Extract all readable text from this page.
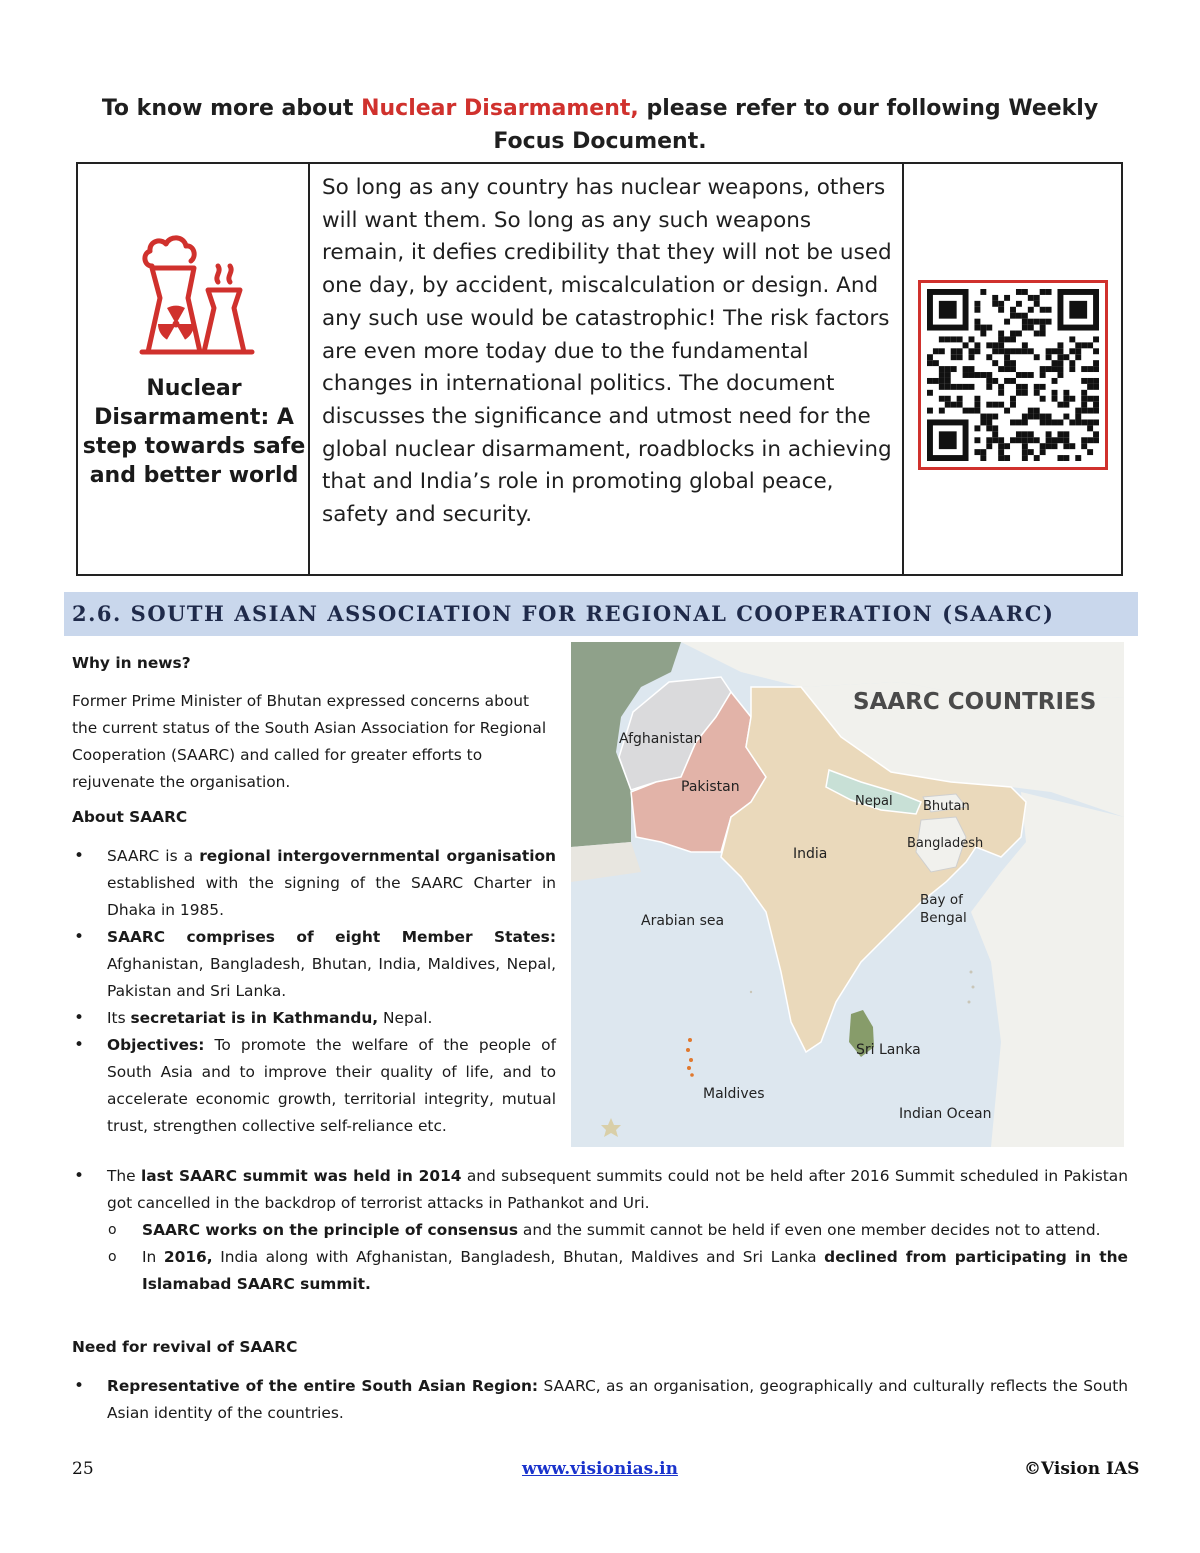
To know more about Nuclear Disarmament, please refer to our following Weekly Focus Document.
Nuclear Disarmament: A step towards safe and better world
So long as any country has nuclear weapons, others will want them. So long as any such weapons remain, it defies credibility that they will not be used one day, by accident, miscalculation or design. And any such use would be catastrophic! The risk factors are even more today due to the fundamental changes in international politics. The document discusses the significance and utmost need for the global nuclear disarmament, roadblocks in achieving that and India’s role in promoting global peace, safety and security.
2.6. SOUTH ASIAN ASSOCIATION FOR REGIONAL COOPERATION (SAARC)
Why in news?
Former Prime Minister of Bhutan expressed concerns about the current status of the South Asian Association for Regional Cooperation (SAARC) and called for greater efforts to rejuvenate the organisation.
About SAARC
• SAARC is a regional intergovernmental organisation established with the signing of the SAARC Charter in Dhaka in 1985.
• SAARC comprises of eight Member States: Afghanistan, Bangladesh, Bhutan, India, Maldives, Nepal, Pakistan and Sri Lanka.
• Its secretariat is in Kathmandu, Nepal.
• Objectives: To promote the welfare of the people of South Asia and to improve their quality of life, and to accelerate economic growth, territorial integrity, mutual trust, strengthen collective self-reliance etc.
• The last SAARC summit was held in 2014 and subsequent summits could not be held after 2016 Summit scheduled in Pakistan got cancelled in the backdrop of terrorist attacks in Pathankot and Uri.
o SAARC works on the principle of consensus and the summit cannot be held if even one member decides not to attend.
o In 2016, India along with Afghanistan, Bangladesh, Bhutan, Maldives and Sri Lanka declined from participating in the Islamabad SAARC summit.
Need for revival of SAARC
• Representative of the entire South Asian Region: SAARC, as an organisation, geographically and culturally reflects the South Asian identity of the countries.
SAARC COUNTRIES
Afghanistan
Pakistan
Nepal Bhutan
Bangladesh
India
Bay of Bengal
Arabian sea
Sri Lanka
Maldives
Indian Ocean
25	www.visionias.in	©Vision IAS
